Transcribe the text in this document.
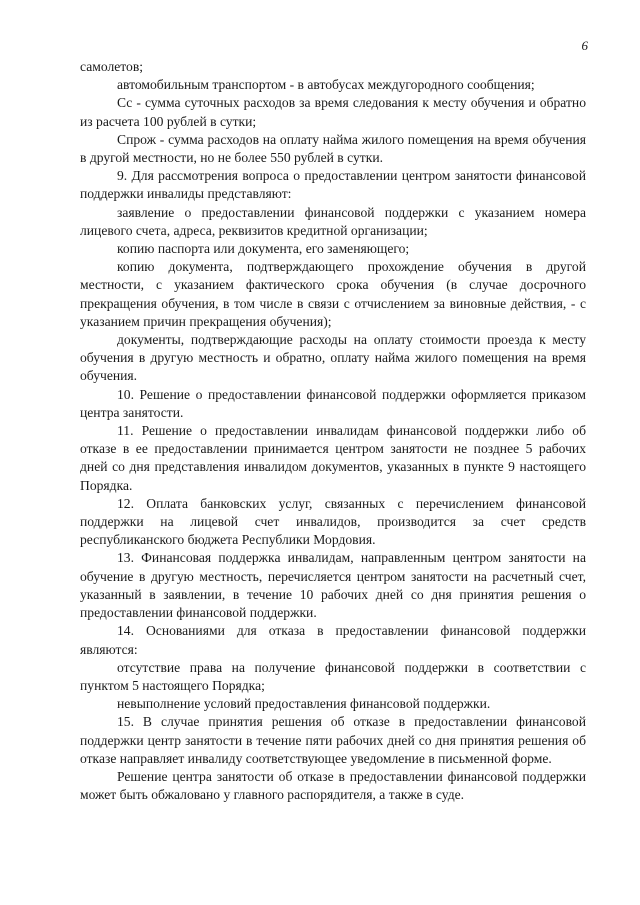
6

самолетов;

автомобильным транспортом - в автобусах междугородного сообщения;

Сс - сумма суточных расходов за время следования к месту обучения и обратно из расчета 100 рублей в сутки;

Спрож - сумма расходов на оплату найма жилого помещения на время обучения в другой местности, но не более 550 рублей в сутки.

9. Для рассмотрения вопроса о предоставлении центром занятости финансовой поддержки инвалиды представляют:

заявление о предоставлении финансовой поддержки с указанием номера лицевого счета, адреса, реквизитов кредитной организации;

копию паспорта или документа, его заменяющего;

копию документа, подтверждающего прохождение обучения в другой местности, с указанием фактического срока обучения (в случае досрочного прекращения обучения, в том числе в связи с отчислением за виновные действия, - с указанием причин прекращения обучения);

документы, подтверждающие расходы на оплату стоимости проезда к месту обучения в другую местность и обратно, оплату найма жилого помещения на время обучения.

10. Решение о предоставлении финансовой поддержки оформляется приказом центра занятости.

11. Решение о предоставлении инвалидам финансовой поддержки либо об отказе в ее предоставлении принимается центром занятости не позднее 5 рабочих дней со дня представления инвалидом документов, указанных в пункте 9 настоящего Порядка.

12. Оплата банковских услуг, связанных с перечислением финансовой поддержки на лицевой счет инвалидов, производится за счет средств республиканского бюджета Республики Мордовия.

13. Финансовая поддержка инвалидам, направленным центром занятости на обучение в другую местность, перечисляется центром занятости на расчетный счет, указанный в заявлении, в течение 10 рабочих дней со дня принятия решения о предоставлении финансовой поддержки.

14. Основаниями для отказа в предоставлении финансовой поддержки являются:

отсутствие права на получение финансовой поддержки в соответствии с пунктом 5 настоящего Порядка;

невыполнение условий предоставления финансовой поддержки.

15. В случае принятия решения об отказе в предоставлении финансовой поддержки центр занятости в течение пяти рабочих дней со дня принятия решения об отказе направляет инвалиду соответствующее уведомление в письменной форме.

Решение центра занятости об отказе в предоставлении финансовой поддержки может быть обжаловано у главного распорядителя, а также в суде.
